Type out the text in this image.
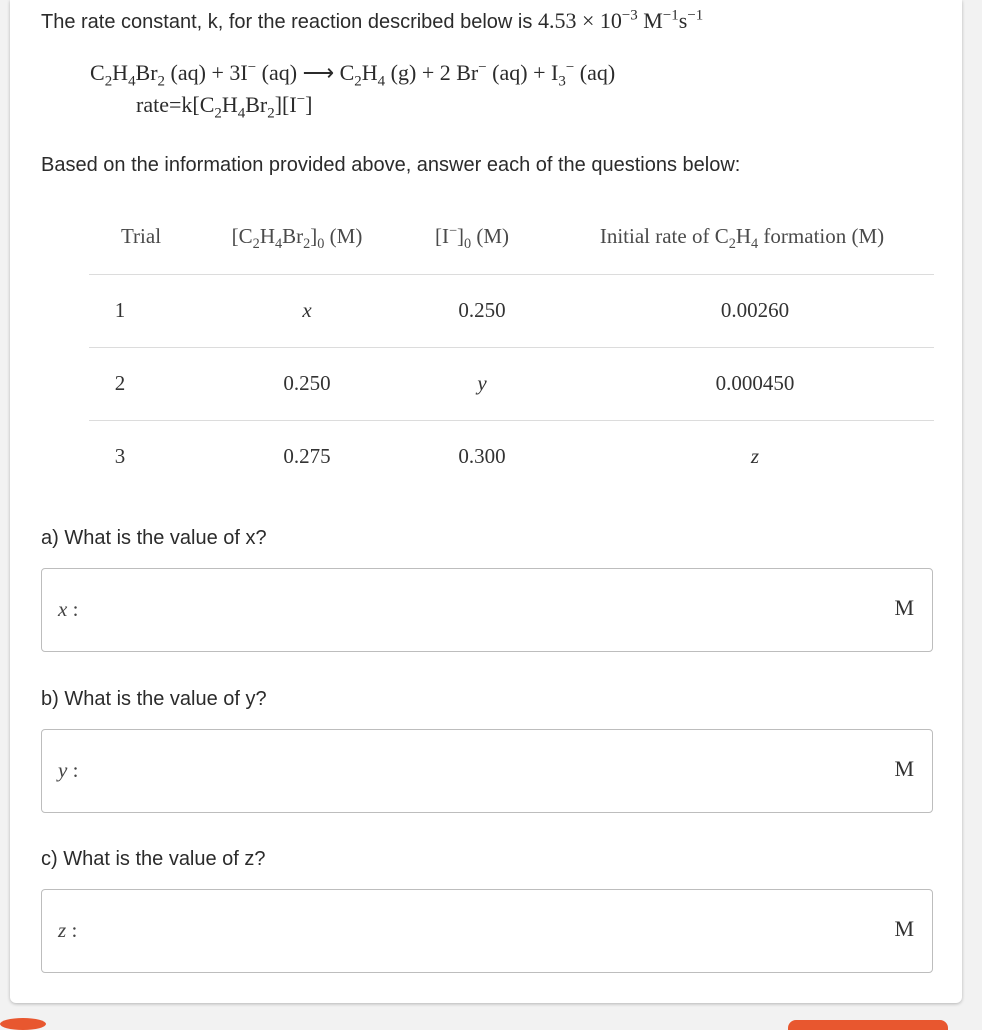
The rate constant, k, for the reaction described below is $4.53 \times 10^{-3}$ $M^{-1}s^{-1}$
$C_2H_4Br_2$ (aq) + 3I− (aq) ⟶ $C_2H_4$ (g) + 2 Br− $(aq) + I_3^-$ (aq)
$rate=k[C_2H_4Br_2][I^-]$
Based on the information provided above, answer each of the questions below:
Trial	$[C_2H_4Br_2]_0$ (M)	$[I^-]_0$ (M)	Initial rate of $C_2H_4$ formation (M)
1	x	0.250	0.00260
2	0.250	y	0.000450
3	0.275	0.300	z
a) What is the value of x?
x :	M
b) What is the value of y?
y :	M
c) What is the value of z?
z :	M
